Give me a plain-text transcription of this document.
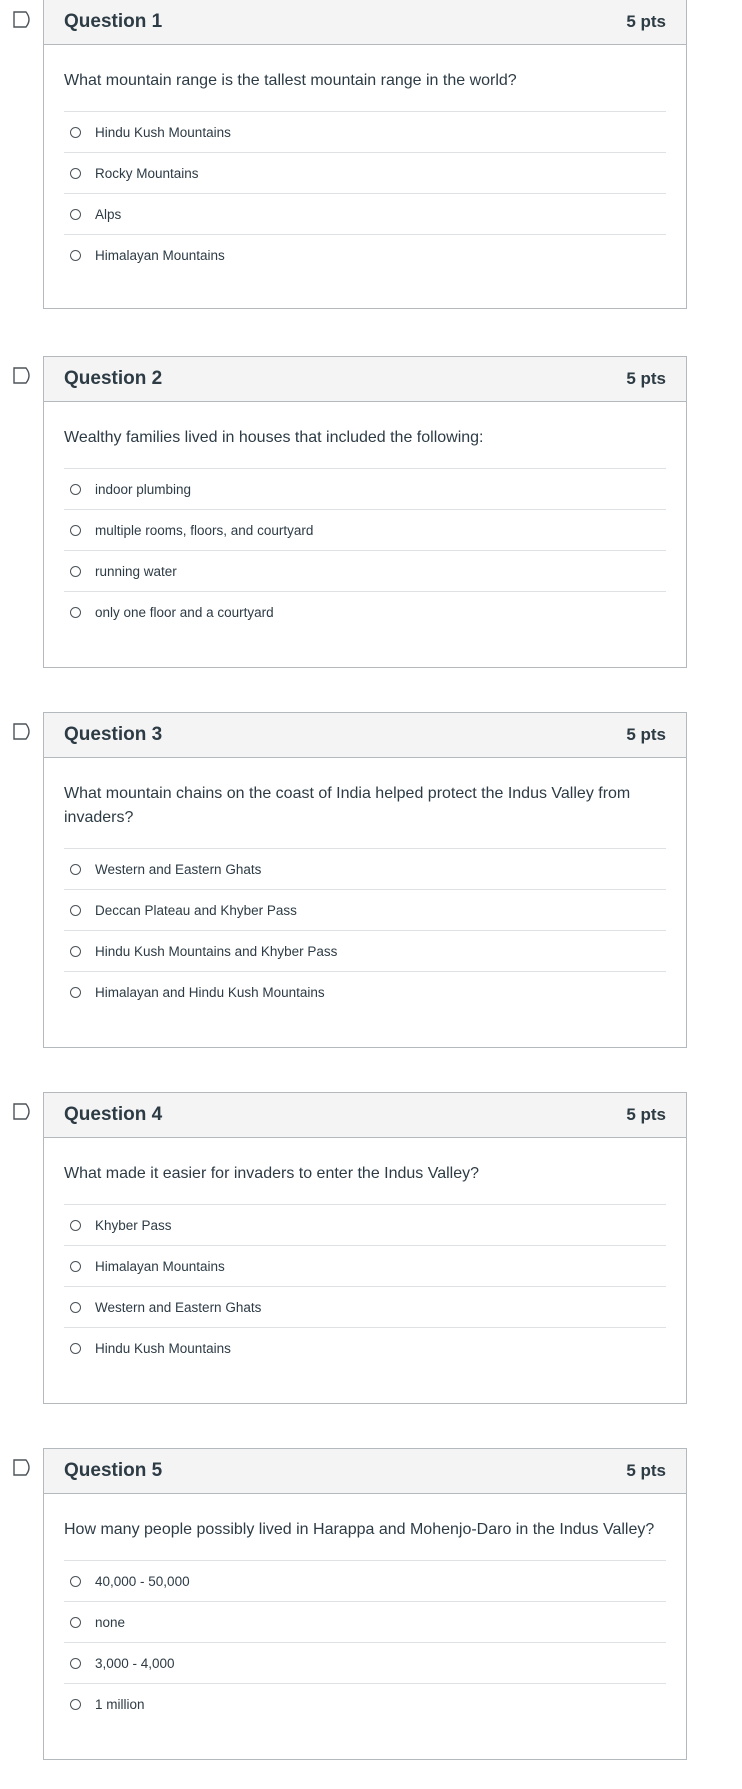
Question 1	5 pts

What mountain range is the tallest mountain range in the world?

Hindu Kush Mountains
Rocky Mountains
Alps
Himalayan Mountains
Question 2	5 pts

Wealthy families lived in houses that included the following:

indoor plumbing
multiple rooms, floors, and courtyard
running water
only one floor and a courtyard
Question 3	5 pts

What mountain chains on the coast of India helped protect the Indus Valley from invaders?

Western and Eastern Ghats
Deccan Plateau and Khyber Pass
Hindu Kush Mountains and Khyber Pass
Himalayan and Hindu Kush Mountains
Question 4	5 pts

What made it easier for invaders to enter the Indus Valley?

Khyber Pass
Himalayan Mountains
Western and Eastern Ghats
Hindu Kush Mountains
Question 5	5 pts

How many people possibly lived in Harappa and Mohenjo-Daro in the Indus Valley?

40,000 - 50,000
none
3,000 - 4,000
1 million
